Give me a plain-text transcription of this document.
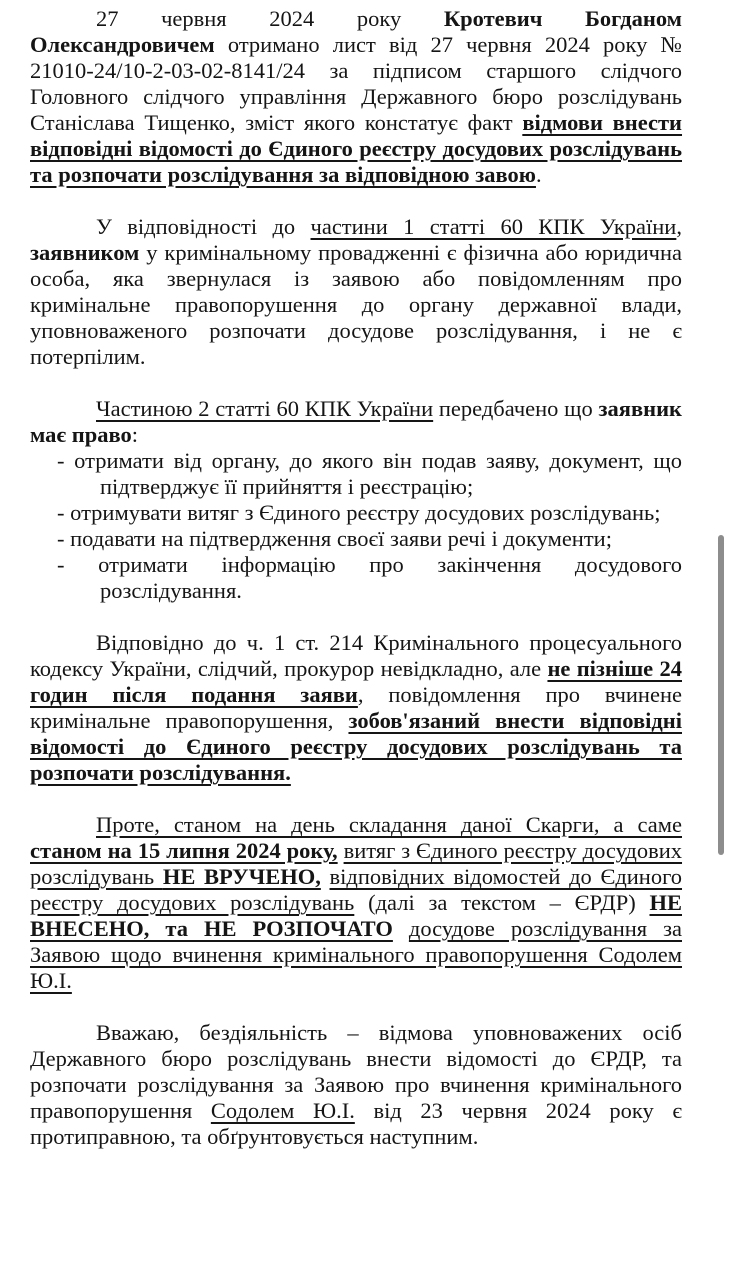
27 червня 2024 року Кротевич Богданом Олександровичем отримано лист від 27 червня 2024 року № 21010-24/10-2-03-02-8141/24 за підписом старшого слідчого Головного слідчого управління Державного бюро розслідувань Станіслава Тищенко, зміст якого констатує факт відмови внести відповідні відомості до Єдиного реєстру досудових розслідувань та розпочати розслідування за відповідною завою.

У відповідності до частини 1 статті 60 КПК України, заявником у кримінальному провадженні є фізична або юридична особа, яка звернулася із заявою або повідомленням про кримінальне правопорушення до органу державної влади, уповноваженого розпочати досудове розслідування, і не є потерпілим.

Частиною 2 статті 60 КПК України передбачено що заявник має право:

- отримати від органу, до якого він подав заяву, документ, що підтверджує її прийняття і реєстрацію;
- отримувати витяг з Єдиного реєстру досудових розслідувань;
- подавати на підтвердження своєї заяви речі і документи;
- отримати інформацію про закінчення досудового розслідування.

Відповідно до ч. 1 ст. 214 Кримінального процесуального кодексу України, слідчий, прокурор невідкладно, але не пізніше 24 годин після подання заяви, повідомлення про вчинене кримінальне правопорушення, зобов'язаний внести відповідні відомості до Єдиного реєстру досудових розслідувань та розпочати розслідування.

Проте, станом на день складання даної Скарги, а саме станом на 15 липня 2024 року, витяг з Єдиного реєстру досудових розслідувань НЕ ВРУЧЕНО, відповідних відомостей до Єдиного реєстру досудових розслідувань (далі за текстом – ЄРДР) НЕ ВНЕСЕНО, та НЕ РОЗПОЧАТО досудове розслідування за Заявою щодо вчинення кримінального правопорушення Содолем Ю.І.

Вважаю, бездіяльність – відмова уповноважених осіб Державного бюро розслідувань внести відомості до ЄРДР, та розпочати розслідування за Заявою про вчинення кримінального правопорушення Содолем Ю.І. від 23 червня 2024 року є протиправною, та обґрунтовується наступним.
